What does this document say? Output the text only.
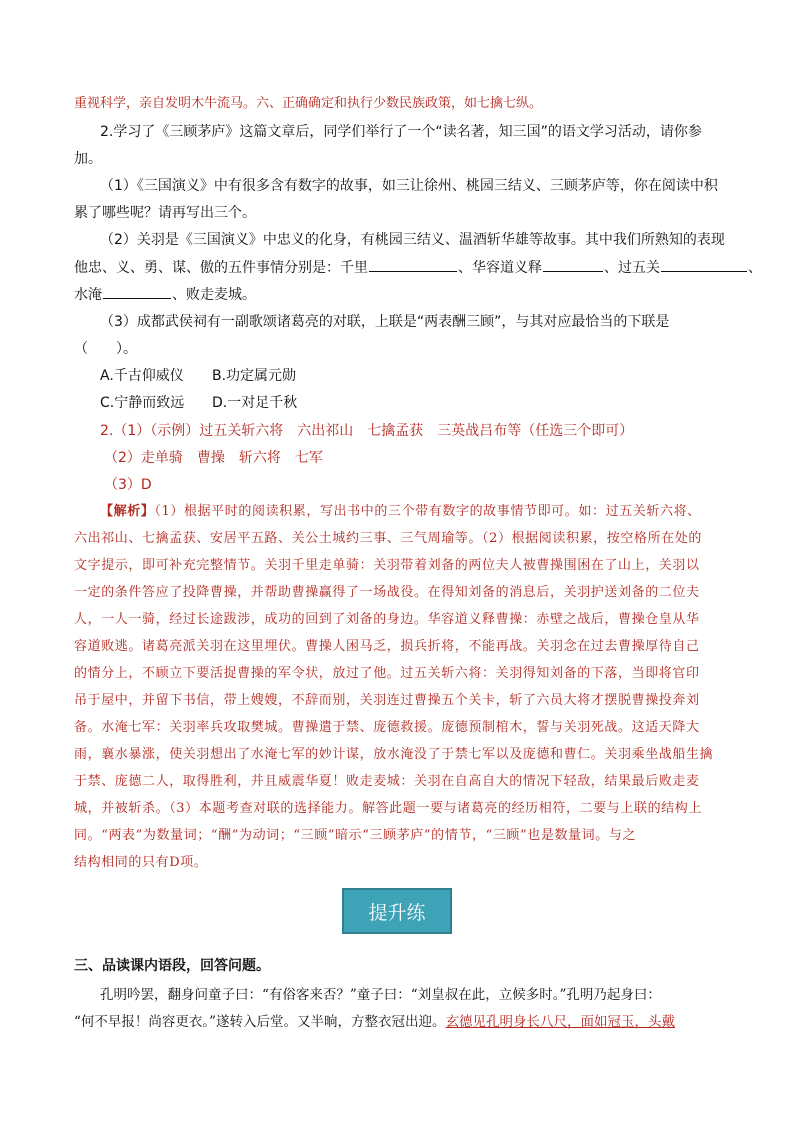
重视科学，亲自发明木牛流马。六、正确确定和执行少数民族政策，如七擒七纵。
2.学习了《三顾茅庐》这篇文章后，同学们举行了一个“读名著，知三国”的语文学习活动，请你参
加。
（1）《三国演义》中有很多含有数字的故事，如三让徐州、桃园三结义、三顾茅庐等，你在阅读中积
累了哪些呢？请再写出三个。
（2）关羽是《三国演义》中忠义的化身，有桃园三结义、温酒斩华雄等故事。其中我们所熟知的表现
他忠、义、勇、谋、傲的五件事情分别是：千里	、华容道义释	、过五关	、
水淹	、败走麦城。
（3）成都武侯祠有一副歌颂诸葛亮的对联，上联是“两表酬三顾”，与其对应最恰当的下联是
（　　）。
A.千古仰威仪 B.功定属元勋
C.宁静而致远 D.一对足千秋
2.（1）（示例）过五关斩六将　六出祁山　七擒孟获　三英战吕布等（任选三个即可）
（2）走单骑　曹操　斩六将　七军
（3）D
【解析】（1）根据平时的阅读积累，写出书中的三个带有数字的故事情节即可。如：过五关斩六将、
六出祁山、七擒孟获、安居平五路、关公土城约三事、三气周瑜等。（2）根据阅读积累，按空格所在处的
文字提示，即可补充完整情节。关羽千里走单骑：关羽带着刘备的两位夫人被曹操围困在了山上，关羽以
一定的条件答应了投降曹操，并帮助曹操赢得了一场战役。在得知刘备的消息后，关羽护送刘备的二位夫
人，一人一骑，经过长途跋涉，成功的回到了刘备的身边。华容道义释曹操：赤壁之战后，曹操仓皇从华
容道败逃。诸葛亮派关羽在这里埋伏。曹操人困马乏，损兵折将，不能再战。关羽念在过去曹操厚待自己
的情分上，不顾立下要活捉曹操的军令状，放过了他。过五关斩六将：关羽得知刘备的下落，当即将官印
吊于屋中，并留下书信，带上嫂嫂，不辞而别，关羽连过曹操五个关卡，斩了六员大将才摆脱曹操投奔刘
备。水淹七军：关羽率兵攻取樊城。曹操遣于禁、庞德救援。庞德预制棺木，誓与关羽死战。这适天降大
雨，襄水暴涨，使关羽想出了水淹七军的妙计谋，放水淹没了于禁七军以及庞德和曹仁。关羽乘坐战船生擒
于禁、庞德二人，取得胜利，并且威震华夏！败走麦城：关羽在自高自大的情况下轻敌，结果最后败走麦
城，并被斩杀。（3）本题考查对联的选择能力。解答此题一要与诸葛亮的经历相符，二要与上联的结构上
同。“两表”为数量词；“酬”为动词；“三顾”暗示“三顾茅庐”的情节，“三顾”也是数量词。与之
结构相同的只有D项。
提升练
三、品读课内语段，回答问题。
孔明吟罢，翻身问童子曰：“有俗客来否？”童子曰：“刘皇叔在此，立候多时。”孔明乃起身曰：
“何不早报！尚容更衣。”遂转入后堂。又半晌，方整衣冠出迎。玄德见孔明身长八尺，面如冠玉，头戴
